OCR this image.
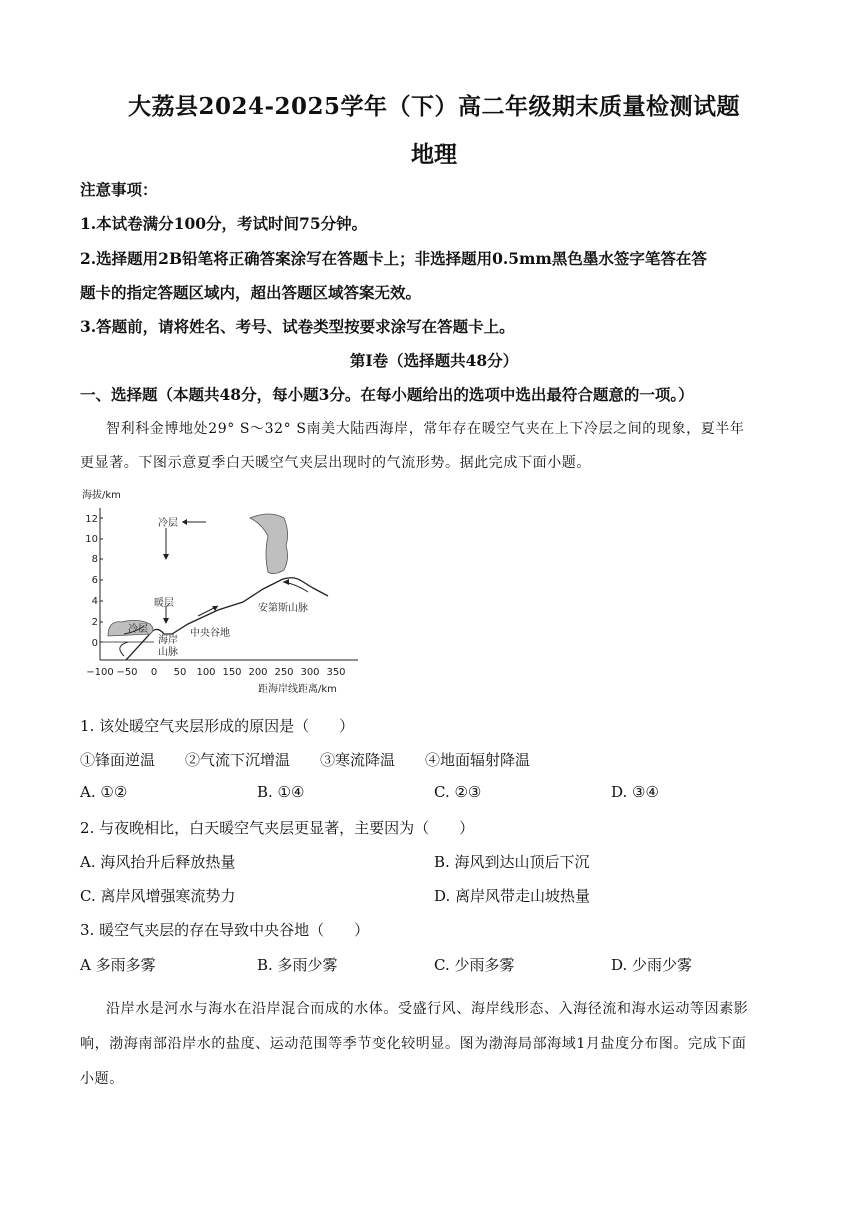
大荔县2024-2025学年（下）高二年级期末质量检测试题
地理
注意事项：
1.本试卷满分100分，考试时间75分钟。
2.选择题用2B铅笔将正确答案涂写在答题卡上；非选择题用0.5mm黑色墨水签字笔答在答
题卡的指定答题区域内，超出答题区域答案无效。
3.答题前，请将姓名、考号、试卷类型按要求涂写在答题卡上。
第Ⅰ卷（选择题共48分）
一、选择题（本题共48分，每小题3分。在每小题给出的选项中选出最符合题意的一项。）
智利科金博地处29° S～32° S南美大陆西海岸，常年存在暖空气夹在上下冷层之间的现象，夏半年
更显著。下图示意夏季白天暖空气夹层出现时的气流形势。据此完成下面小题。
海拔/km
12
10
8
6
4
2
0
−100 −50 0 50 100 150 200 250 300 350
距海岸线距离/km
冷层
暖层
冷层
海岸
山脉
中央谷地
安第斯山脉
1. 该处暖空气夹层形成的原因是（　　）
①锋面逆温　　②气流下沉增温　　③寒流降温　　④地面辐射降温
A. ①②	B. ①④	C. ②③	D. ③④
2. 与夜晚相比，白天暖空气夹层更显著，主要因为（　　）
A. 海风抬升后释放热量	B. 海风到达山顶后下沉
C. 离岸风增强寒流势力	D. 离岸风带走山坡热量
3. 暖空气夹层的存在导致中央谷地（　　）
A 多雨多雾	B. 多雨少雾	C. 少雨多雾	D. 少雨少雾
沿岸水是河水与海水在沿岸混合而成的水体。受盛行风、海岸线形态、入海径流和海水运动等因素影
响，渤海南部沿岸水的盐度、运动范围等季节变化较明显。图为渤海局部海域1月盐度分布图。完成下面
小题。
